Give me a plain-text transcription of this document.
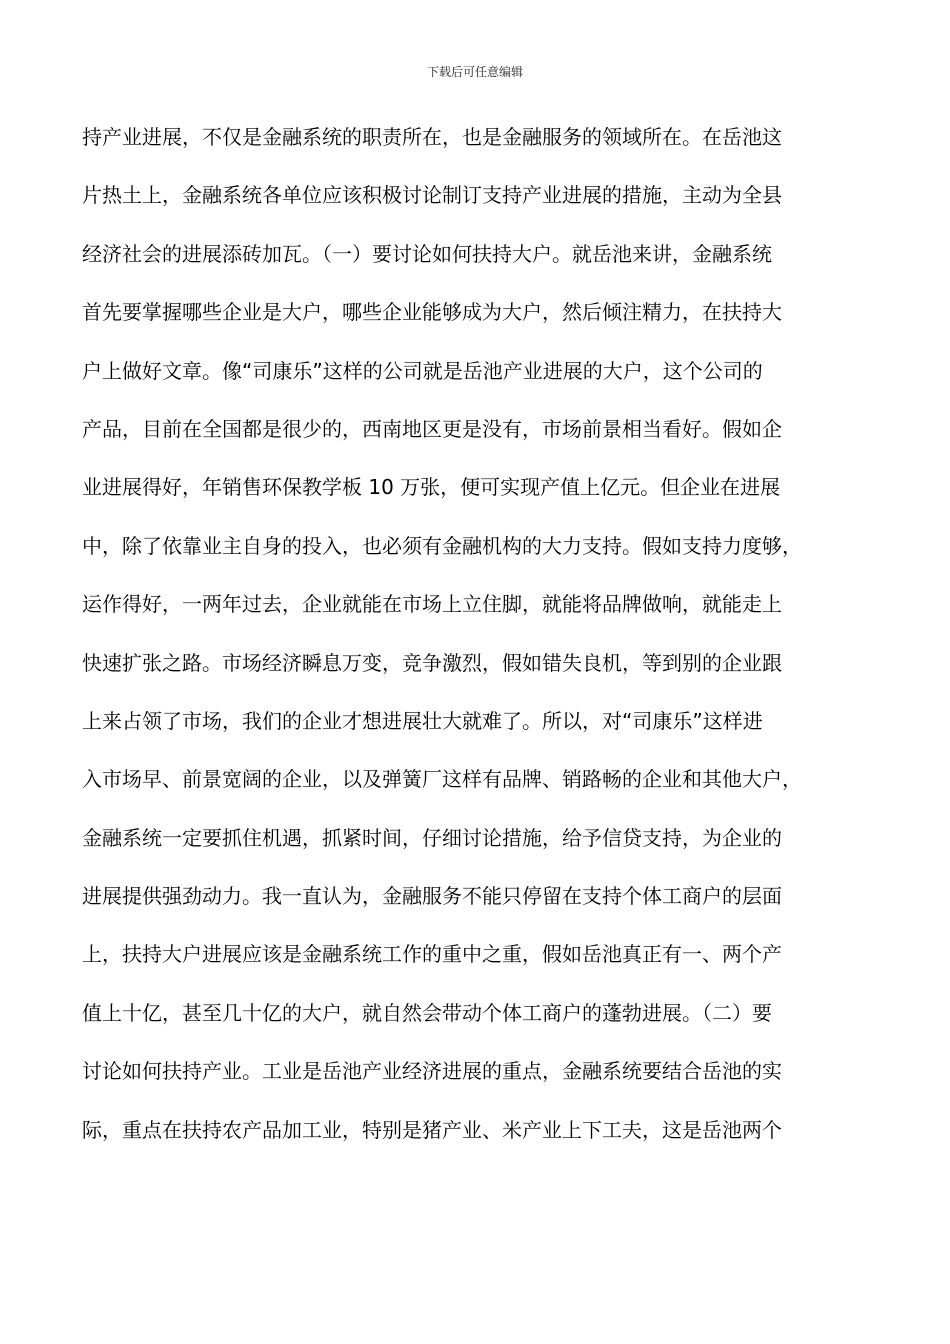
下载后可任意编辑
持产业进展，不仅是金融系统的职责所在，也是金融服务的领域所在。在岳池这
片热土上，金融系统各单位应该积极讨论制订支持产业进展的措施，主动为全县
经济社会的进展添砖加瓦。（一）要讨论如何扶持大户。就岳池来讲，金融系统
首先要掌握哪些企业是大户，哪些企业能够成为大户，然后倾注精力，在扶持大
户上做好文章。像“司康乐”这样的公司就是岳池产业进展的大户，这个公司的
产品，目前在全国都是很少的，西南地区更是没有，市场前景相当看好。假如企
业进展得好，年销售环保教学板 10 万张，便可实现产值上亿元。但企业在进展
中，除了依靠业主自身的投入，也必须有金融机构的大力支持。假如支持力度够，
运作得好，一两年过去，企业就能在市场上立住脚，就能将品牌做响，就能走上
快速扩张之路。市场经济瞬息万变，竞争激烈，假如错失良机，等到别的企业跟
上来占领了市场，我们的企业才想进展壮大就难了。所以，对“司康乐”这样进
入市场早、前景宽阔的企业，以及弹簧厂这样有品牌、销路畅的企业和其他大户，
金融系统一定要抓住机遇，抓紧时间，仔细讨论措施，给予信贷支持，为企业的
进展提供强劲动力。我一直认为，金融服务不能只停留在支持个体工商户的层面
上，扶持大户进展应该是金融系统工作的重中之重，假如岳池真正有一、两个产
值上十亿，甚至几十亿的大户，就自然会带动个体工商户的蓬勃进展。（二）要
讨论如何扶持产业。工业是岳池产业经济进展的重点，金融系统要结合岳池的实
际，重点在扶持农产品加工业，特别是猪产业、米产业上下工夫，这是岳池两个
